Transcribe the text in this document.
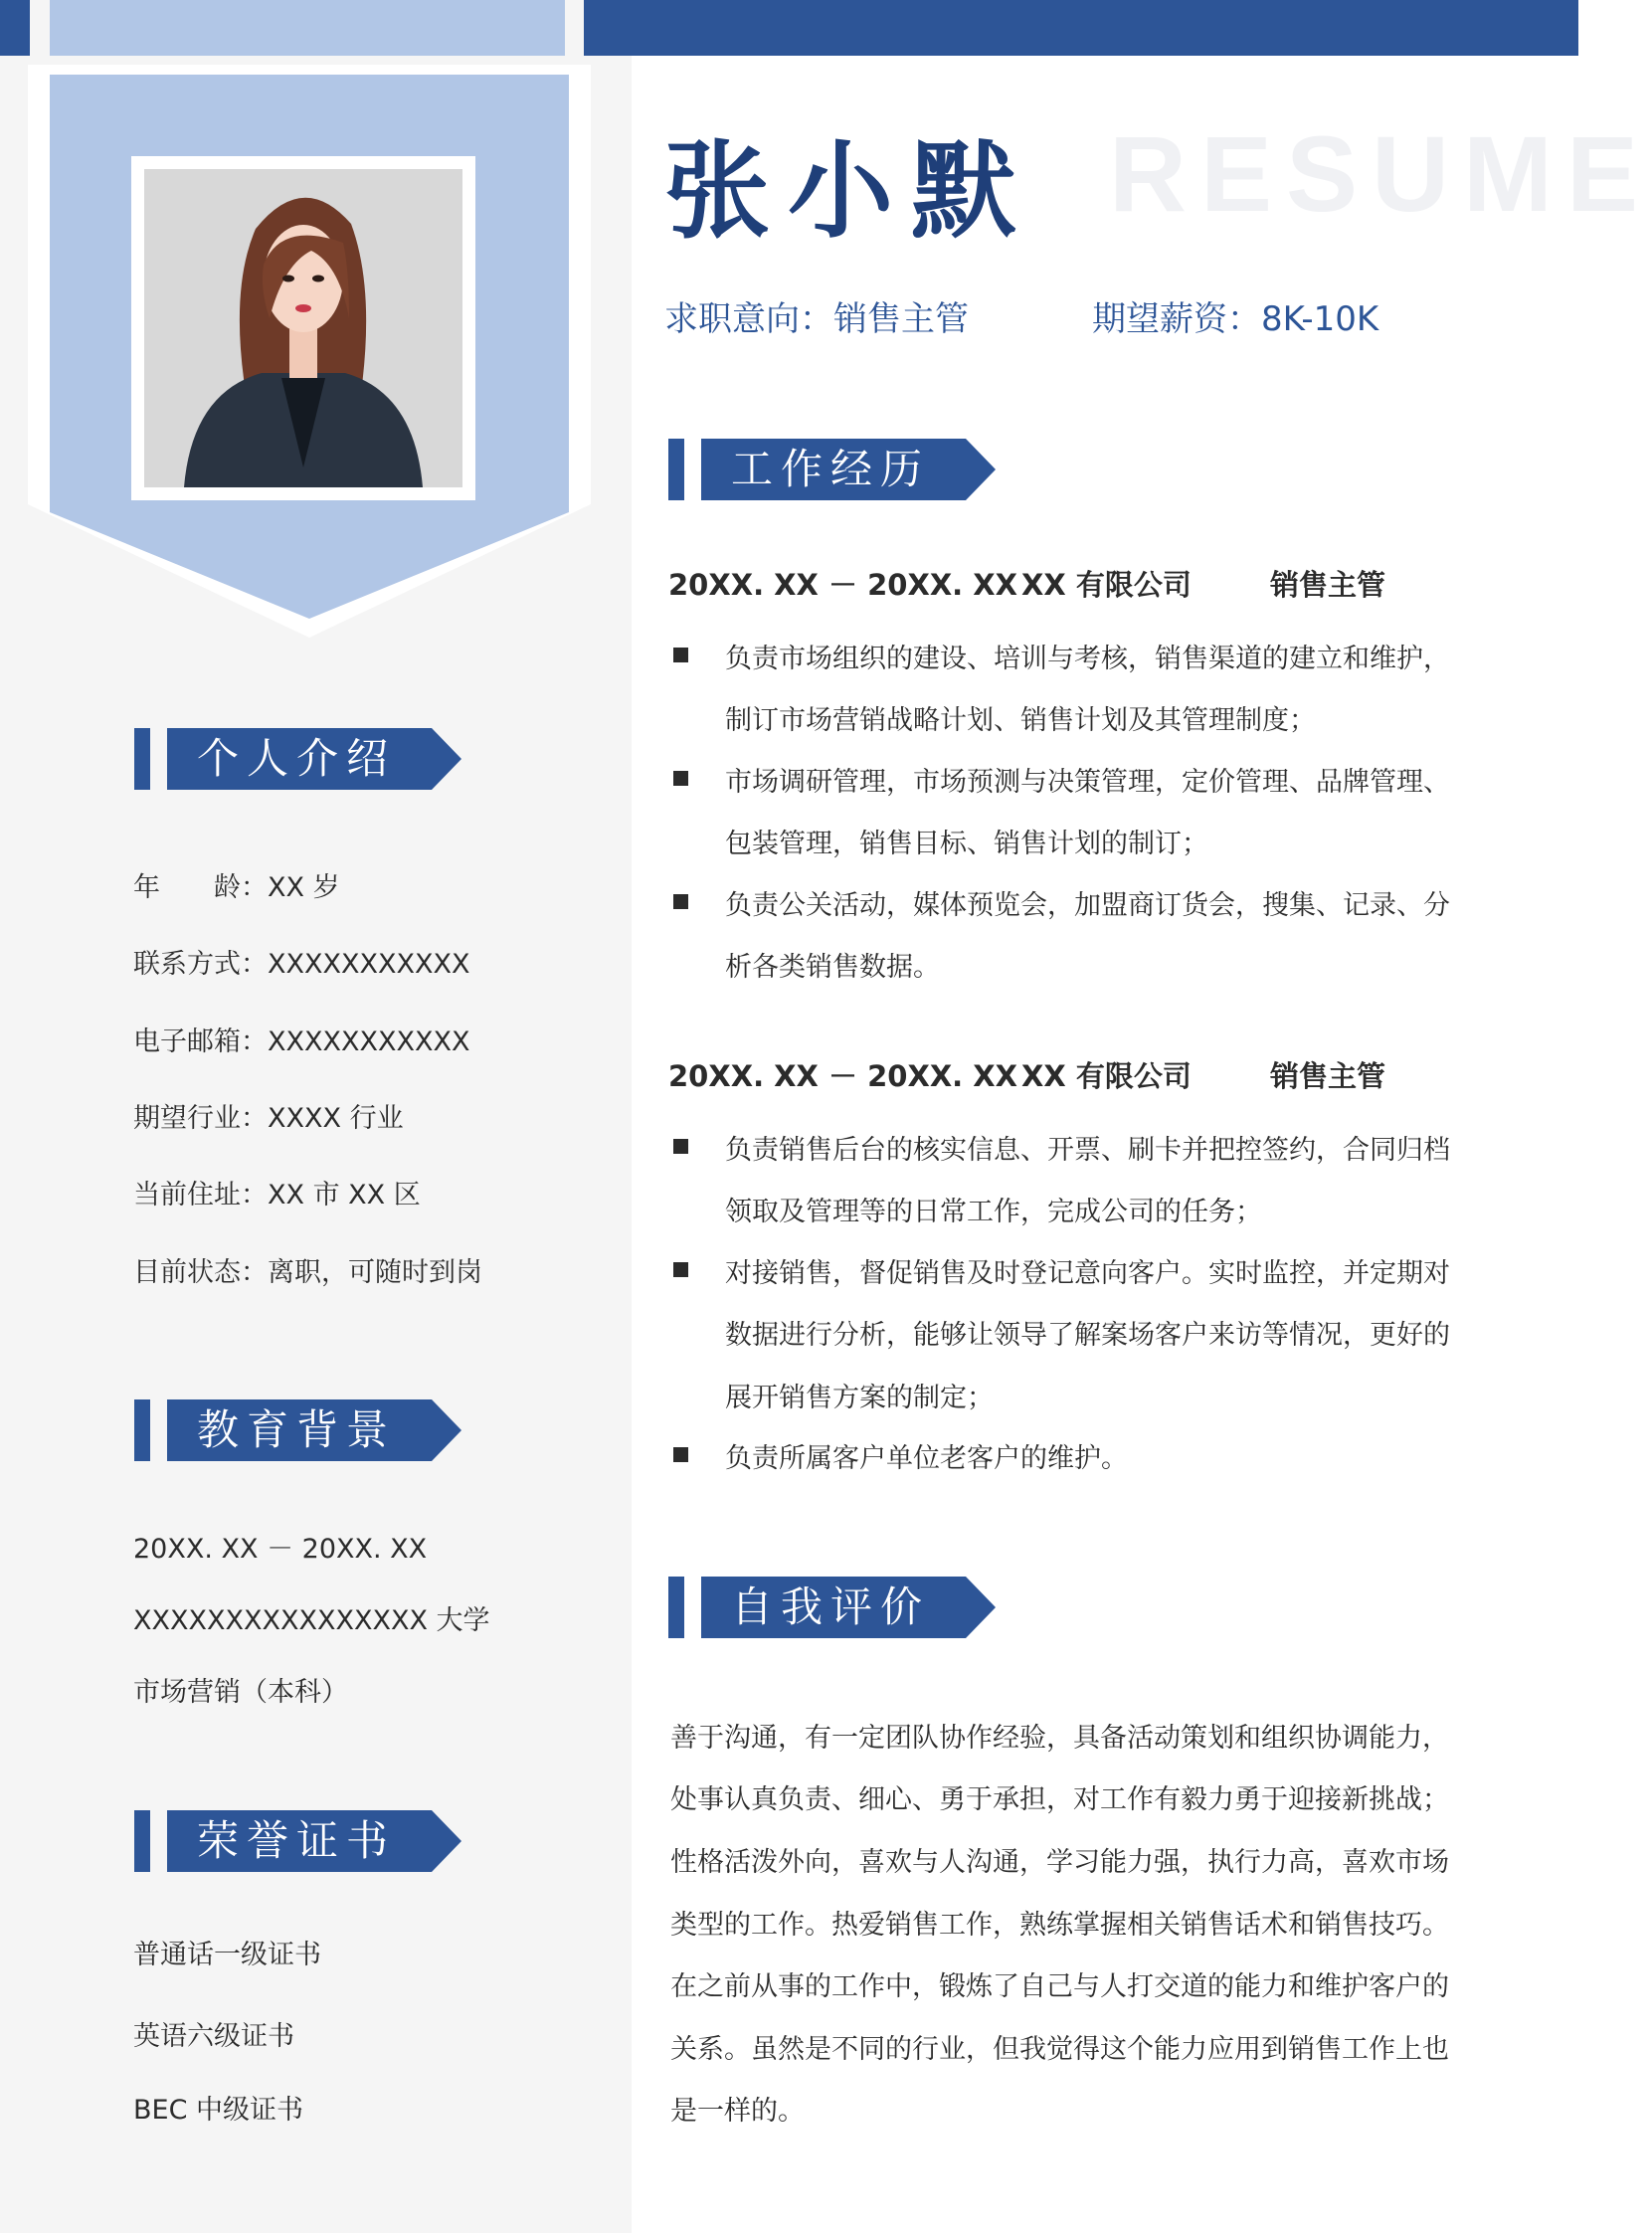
个人介绍
年　　龄：XX 岁
联系方式：XXXXXXXXXXX
电子邮箱：XXXXXXXXXXX
期望行业：XXXX 行业
当前住址：XX 市 XX 区
目前状态：离职，可随时到岗
教育背景
20XX. XX － 20XX. XX
XXXXXXXXXXXXXXXX 大学
市场营销（本科）
荣誉证书
普通话一级证书
英语六级证书
BEC 中级证书
张小默 RESUME
求职意向：销售主管	期望薪资：8K-10K
工作经历
20XX. XX － 20XX. XX XX 有限公司	销售主管
负责市场组织的建设、培训与考核，销售渠道的建立和维护，
制订市场营销战略计划、销售计划及其管理制度；
市场调研管理，市场预测与决策管理，定价管理、品牌管理、
包装管理，销售目标、销售计划的制订；
负责公关活动，媒体预览会，加盟商订货会，搜集、记录、分
析各类销售数据。
20XX. XX － 20XX. XX XX 有限公司	销售主管
负责销售后台的核实信息、开票、刷卡并把控签约，合同归档
领取及管理等的日常工作，完成公司的任务；
对接销售，督促销售及时登记意向客户。实时监控，并定期对
数据进行分析，能够让领导了解案场客户来访等情况，更好的
展开销售方案的制定；
负责所属客户单位老客户的维护。
自我评价
善于沟通，有一定团队协作经验，具备活动策划和组织协调能力，
处事认真负责、细心、勇于承担，对工作有毅力勇于迎接新挑战；
性格活泼外向，喜欢与人沟通，学习能力强，执行力高，喜欢市场
类型的工作。热爱销售工作，熟练掌握相关销售话术和销售技巧。
在之前从事的工作中，锻炼了自己与人打交道的能力和维护客户的
关系。虽然是不同的行业，但我觉得这个能力应用到销售工作上也
是一样的。
